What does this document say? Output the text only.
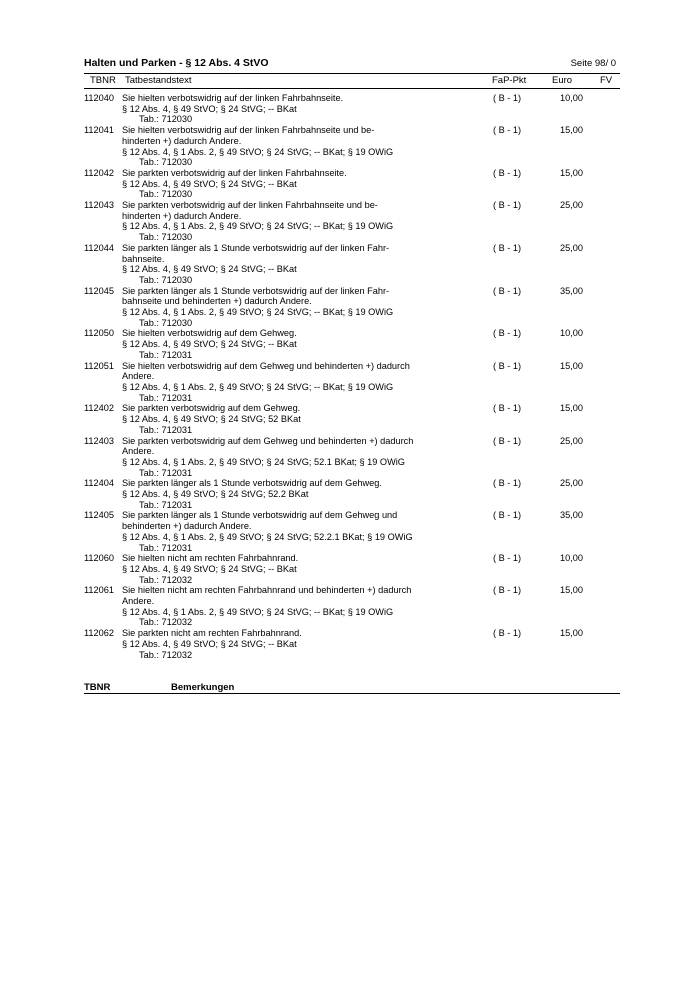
Halten und Parken - § 12 Abs. 4 StVO	Seite 98/ 0
TBNR Tatbestandstext	FaP-Pkt	Euro	FV
112040 Sie hielten verbotswidrig auf der linken Fahrbahnseite.
§ 12 Abs. 4, § 49 StVO; § 24 StVG; -- BKat
Tab.: 712030
( B - 1)	10,00
112041 Sie hielten verbotswidrig auf der linken Fahrbahnseite und be-
hinderten +) dadurch Andere.
§ 12 Abs. 4, § 1 Abs. 2, § 49 StVO; § 24 StVG; -- BKat; § 19 OWiG
Tab.: 712030
( B - 1)	15,00
112042 Sie parkten verbotswidrig auf der linken Fahrbahnseite.
§ 12 Abs. 4, § 49 StVO; § 24 StVG; -- BKat
Tab.: 712030
( B - 1)	15,00
112043 Sie parkten verbotswidrig auf der linken Fahrbahnseite und be-
hinderten +) dadurch Andere.
§ 12 Abs. 4, § 1 Abs. 2, § 49 StVO; § 24 StVG; -- BKat; § 19 OWiG
Tab.: 712030
( B - 1)	25,00
112044 Sie parkten länger als 1 Stunde verbotswidrig auf der linken Fahr-
bahnseite.
§ 12 Abs. 4, § 49 StVO; § 24 StVG; -- BKat
Tab.: 712030
( B - 1)	25,00
112045 Sie parkten länger als 1 Stunde verbotswidrig auf der linken Fahr-
bahnseite und behinderten +) dadurch Andere.
§ 12 Abs. 4, § 1 Abs. 2, § 49 StVO; § 24 StVG; -- BKat; § 19 OWiG
Tab.: 712030
( B - 1)	35,00
112050 Sie hielten verbotswidrig auf dem Gehweg.
§ 12 Abs. 4, § 49 StVO; § 24 StVG; -- BKat
Tab.: 712031
( B - 1)	10,00
112051 Sie hielten verbotswidrig auf dem Gehweg und behinderten +) dadurch
Andere.
§ 12 Abs. 4, § 1 Abs. 2, § 49 StVO; § 24 StVG; -- BKat; § 19 OWiG
Tab.: 712031
( B - 1)	15,00
112402 Sie parkten verbotswidrig auf dem Gehweg.
§ 12 Abs. 4, § 49 StVO; § 24 StVG; 52 BKat
Tab.: 712031
( B - 1)	15,00
112403 Sie parkten verbotswidrig auf dem Gehweg und behinderten +) dadurch
Andere.
§ 12 Abs. 4, § 1 Abs. 2, § 49 StVO; § 24 StVG; 52.1 BKat; § 19 OWiG
Tab.: 712031
( B - 1)	25,00
112404 Sie parkten länger als 1 Stunde verbotswidrig auf dem Gehweg.
§ 12 Abs. 4, § 49 StVO; § 24 StVG; 52.2 BKat
Tab.: 712031
( B - 1)	25,00
112405 Sie parkten länger als 1 Stunde verbotswidrig auf dem Gehweg und
behinderten +) dadurch Andere.
§ 12 Abs. 4, § 1 Abs. 2, § 49 StVO; § 24 StVG; 52.2.1 BKat; § 19 OWiG
Tab.: 712031
( B - 1)	35,00
112060 Sie hielten nicht am rechten Fahrbahnrand.
§ 12 Abs. 4, § 49 StVO; § 24 StVG; -- BKat
Tab.: 712032
( B - 1)	10,00
112061 Sie hielten nicht am rechten Fahrbahnrand und behinderten +) dadurch
Andere.
§ 12 Abs. 4, § 1 Abs. 2, § 49 StVO; § 24 StVG; -- BKat; § 19 OWiG
Tab.: 712032
( B - 1)	15,00
112062 Sie parkten nicht am rechten Fahrbahnrand.
§ 12 Abs. 4, § 49 StVO; § 24 StVG; -- BKat
Tab.: 712032
( B - 1)	15,00
TBNR	Bemerkungen
